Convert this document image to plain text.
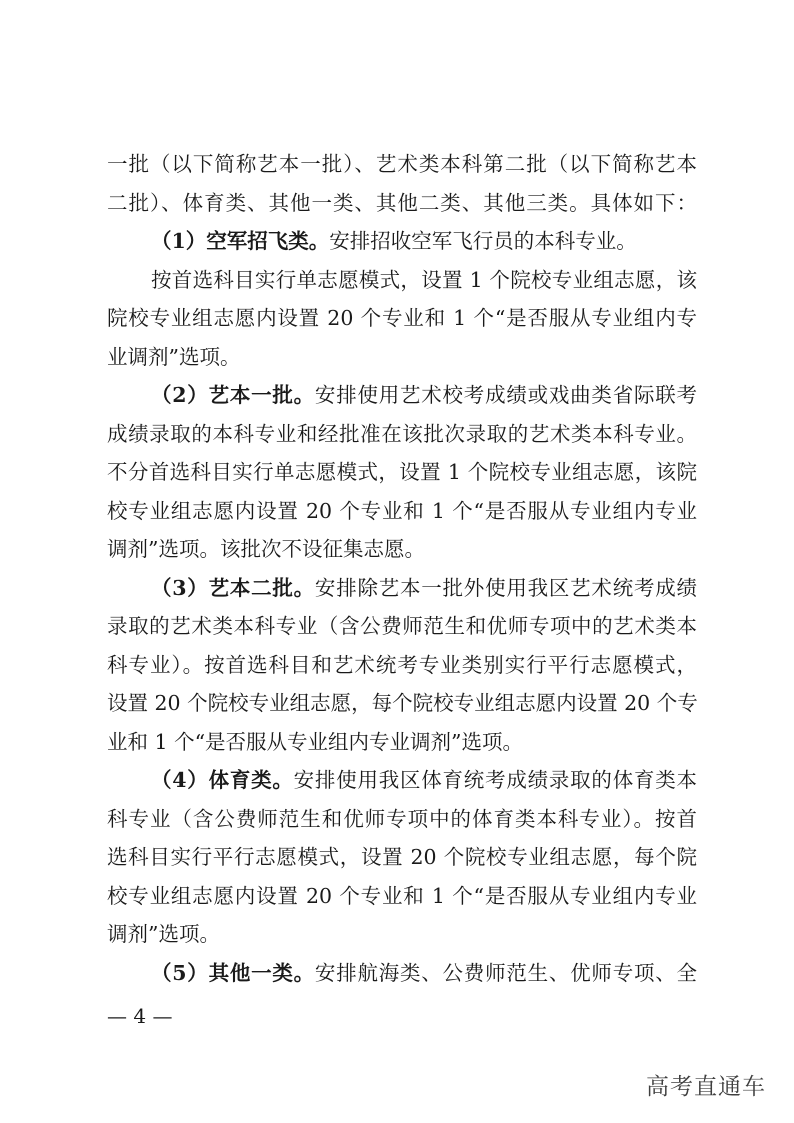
一批（以下简称艺本一批）、艺术类本科第二批（以下简称艺本
二批）、体育类、其他一类、其他二类、其他三类。具体如下：
（1）空军招飞类。安排招收空军飞行员的本科专业。
按首选科目实行单志愿模式，设置 1 个院校专业组志愿，该
院校专业组志愿内设置 20 个专业和 1 个“是否服从专业组内专
业调剂”选项。
（2）艺本一批。安排使用艺术校考成绩或戏曲类省际联考
成绩录取的本科专业和经批准在该批次录取的艺术类本科专业。
不分首选科目实行单志愿模式，设置 1 个院校专业组志愿，该院
校专业组志愿内设置 20 个专业和 1 个“是否服从专业组内专业
调剂”选项。该批次不设征集志愿。
（3）艺本二批。安排除艺本一批外使用我区艺术统考成绩
录取的艺术类本科专业（含公费师范生和优师专项中的艺术类本
科专业）。按首选科目和艺术统考专业类别实行平行志愿模式，
设置 20 个院校专业组志愿，每个院校专业组志愿内设置 20 个专
业和 1 个“是否服从专业组内专业调剂”选项。
（4）体育类。安排使用我区体育统考成绩录取的体育类本
科专业（含公费师范生和优师专项中的体育类本科专业）。按首
选科目实行平行志愿模式，设置 20 个院校专业组志愿，每个院
校专业组志愿内设置 20 个专业和 1 个“是否服从专业组内专业
调剂”选项。
（5）其他一类。安排航海类、公费师范生、优师专项、全
— 4 —
高考直通车
